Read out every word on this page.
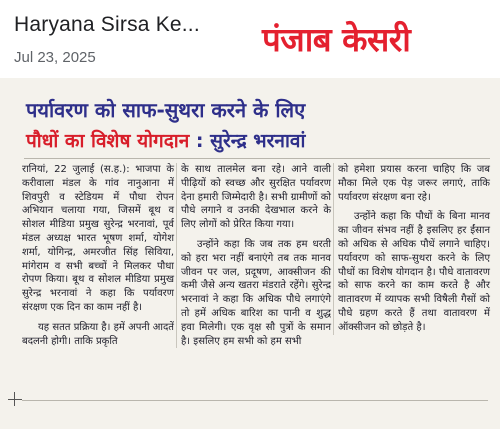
Haryana Sirsa Ke...
Jul 23, 2025	पंजाब केसरी
पर्यावरण को साफ-सुथरा करने के लिए
पौधों का विशेष योगदान : सुरेन्द्र भरनावां

रानियां, 22 जुलाई (स.ह.): भाजपा के करीवाला मंडल के गांव नानुआना में शिवपुरी व स्टेडियम में पौधा रोपन अभियान चलाया गया, जिसमें बूथ व सोशल मीडिया प्रमुख सुरेन्द्र भरनावां, पूर्व मंडल अध्यक्ष भारत भूषण शर्मा, योगेश शर्मा, योगिन्द्र, अमरजीत सिंह सिविया, मांगेराम व सभी बच्चों ने मिलकर पौधा रोपण किया। बूथ व सोशल मीडिया प्रमुख सुरेन्द्र भरनावां ने कहा कि पर्यावरण संरक्षण एक दिन का काम नहीं है।

यह सतत प्रक्रिया है। हमें अपनी आदतें बदलनी होगी। ताकि प्रकृति

के साथ तालमेल बना रहे। आने वाली पीढ़ियों को स्वच्छ और सुरक्षित पर्यावरण देना हमारी जिम्मेदारी है। सभी ग्रामीणों को पौधे लगाने व उनकी देखभाल करने के लिए लोगों को प्रेरित किया गया।

उन्होंने कहा कि जब तक हम धरती को हरा भरा नहीं बनाएंगे तब तक मानव जीवन पर जल, प्रदूषण, आक्सीजन की कमी जैसे अन्य खतरा मंडराते रहेंगे। सुरेन्द्र भरनावां ने कहा कि अधिक पौधे लगाएंगे तो हमें अधिक बारिश का पानी व शुद्ध हवा मिलेगी। एक वृक्ष सौ पुत्रों के समान है। इसलिए हम सभी को हम सभी

को हमेशा प्रयास करना चाहिए कि जब मौका मिले एक पेड़ जरूर लगाएं, ताकि पर्यावरण संरक्षण बना रहे।

उन्होंने कहा कि पौधों के बिना मानव का जीवन संभव नहीं है इसलिए हर ईंसान को अधिक से अधिक पौधें लगाने चाहिए। पर्यावरण को साफ-सुथरा करने के लिए पौधों का विशेष योगदान है। पौधे वातावरण को साफ करने का काम करते है और वातावरण में व्यापक सभी विषैली गैसों को पौधे ग्रहण करते हैं तथा वातावरण में ऑक्सीजन को छोड़ते है।
